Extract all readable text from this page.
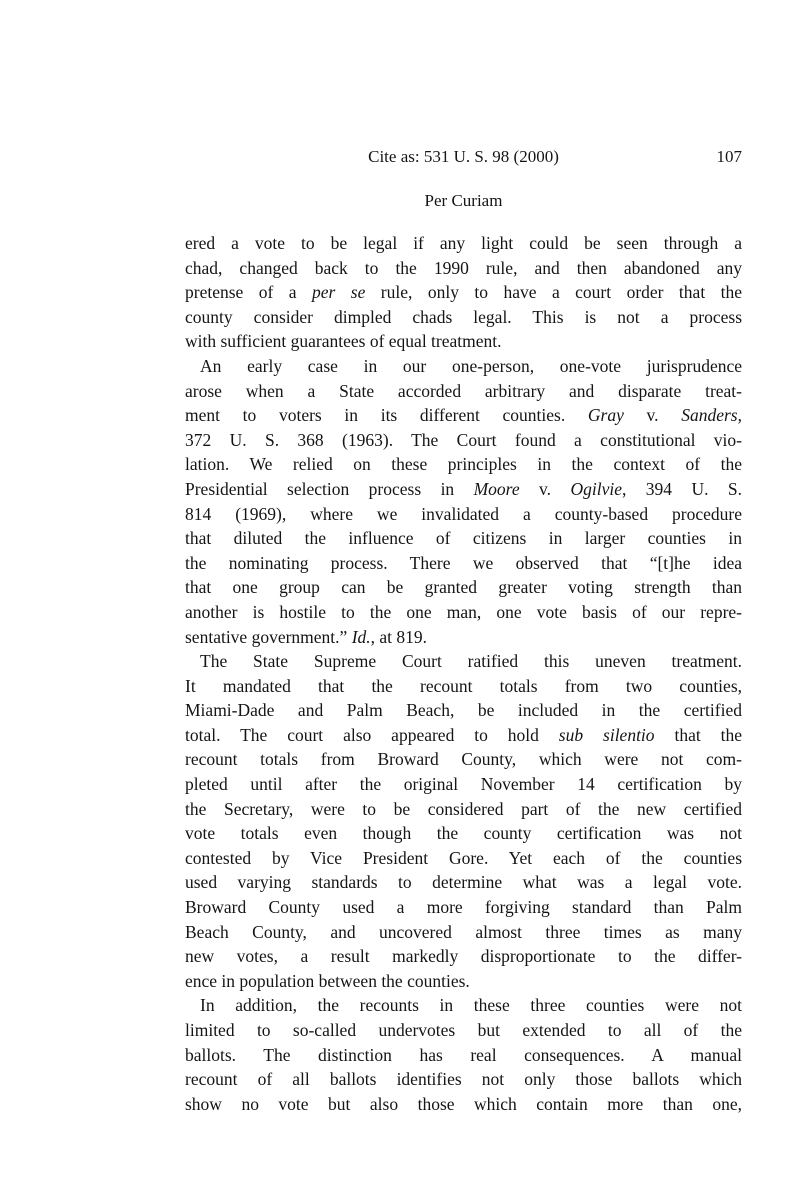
Cite as: 531 U. S. 98 (2000)	107
Per Curiam
ered a vote to be legal if any light could be seen through a
chad, changed back to the 1990 rule, and then abandoned any
pretense of a per se rule, only to have a court order that the
county consider dimpled chads legal. This is not a process
with sufficient guarantees of equal treatment.
An early case in our one-person, one-vote jurisprudence
arose when a State accorded arbitrary and disparate treat-
ment to voters in its different counties. Gray v. Sanders,
372 U. S. 368 (1963). The Court found a constitutional vio-
lation. We relied on these principles in the context of the
Presidential selection process in Moore v. Ogilvie, 394 U. S.
814 (1969), where we invalidated a county-based procedure
that diluted the influence of citizens in larger counties in
the nominating process. There we observed that “[t]he idea
that one group can be granted greater voting strength than
another is hostile to the one man, one vote basis of our repre-
sentative government.” Id., at 819.
The State Supreme Court ratified this uneven treatment.
It mandated that the recount totals from two counties,
Miami-Dade and Palm Beach, be included in the certified
total. The court also appeared to hold sub silentio that the
recount totals from Broward County, which were not com-
pleted until after the original November 14 certification by
the Secretary, were to be considered part of the new certified
vote totals even though the county certification was not
contested by Vice President Gore. Yet each of the counties
used varying standards to determine what was a legal vote.
Broward County used a more forgiving standard than Palm
Beach County, and uncovered almost three times as many
new votes, a result markedly disproportionate to the differ-
ence in population between the counties.
In addition, the recounts in these three counties were not
limited to so-called undervotes but extended to all of the
ballots. The distinction has real consequences. A manual
recount of all ballots identifies not only those ballots which
show no vote but also those which contain more than one,
